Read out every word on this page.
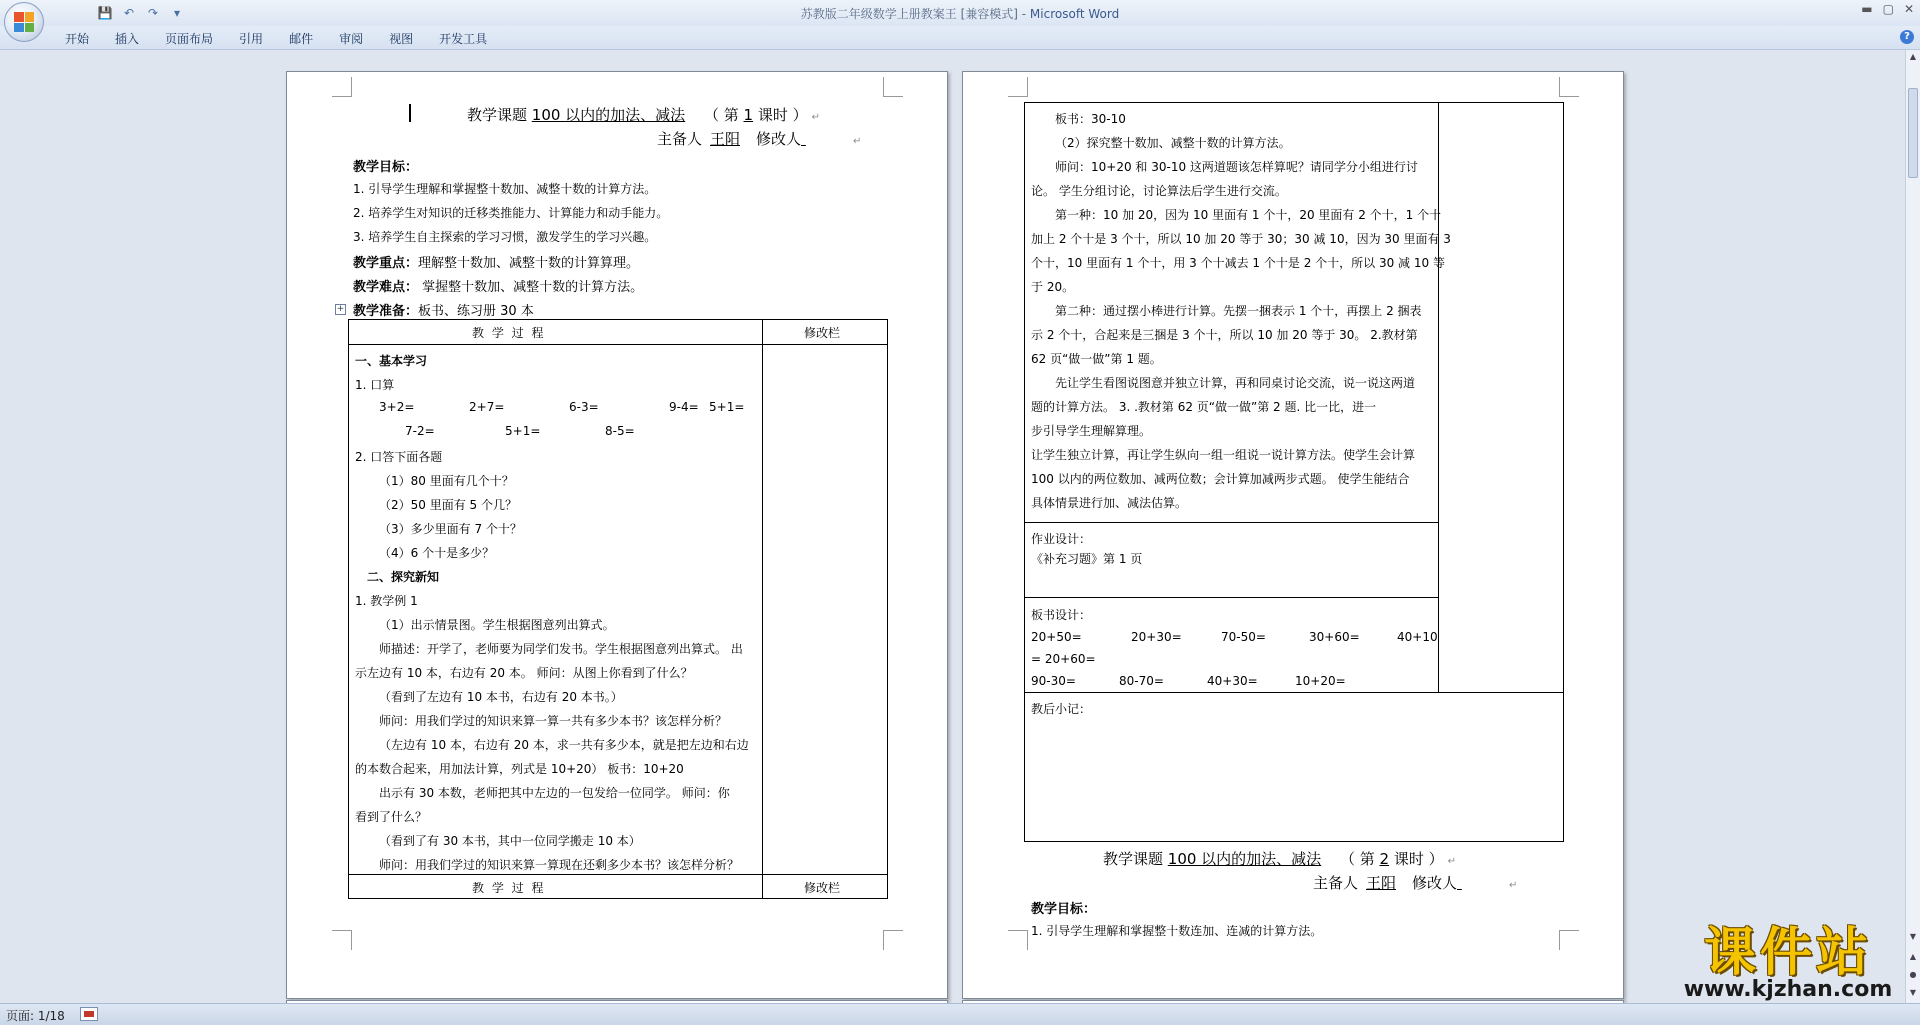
💾 ↶	↷	▾	苏教版二年级数学上册教案王 [兼容模式] - Microsoft Word	▬ ▢ ✕
开始	插入	页面布局	引用	邮件	审阅	视图	开发工具	?
教学课题 100 以内的加法、减法 （ 第 1 课时 ） ↵
主备人 王阳 修改人	↵
教学目标：
1. 引导学生理解和掌握整十数加、减整十数的计算方法。
2. 培养学生对知识的迁移类推能力、计算能力和动手能力。
3. 培养学生自主探索的学习习惯，激发学生的学习兴趣。
教学重点：理解整十数加、减整十数的计算算理。
教学难点： 掌握整十数加、减整十数的计算方法。
教学准备：板书、练习册 30 本
+
教 学 过 程	修改栏
教 学 过 程	修改栏
一、基本学习
1. 口算
3+2=	2+7=	6-3=	9-4= 5+1=
7-2=	5+1=	8-5=
2. 口答下面各题
（1）80 里面有几个十？
（2）50 里面有 5 个几？
（3）多少里面有 7 个十？
（4）6 个十是多少？
二、探究新知
1. 教学例 1
（1）出示情景图。学生根据图意列出算式。
师描述：开学了，老师要为同学们发书。学生根据图意列出算式。 出
示左边有 10 本，右边有 20 本。 师问：从图上你看到了什么？
（看到了左边有 10 本书，右边有 20 本书。）
师问：用我们学过的知识来算一算一共有多少本书？该怎样分析？
（左边有 10 本，右边有 20 本，求一共有多少本，就是把左边和右边
的本数合起来，用加法计算，列式是 10+20） 板书：10+20
出示有 30 本数，老师把其中左边的一包发给一位同学。 师问：你
看到了什么？
（看到了有 30 本书，其中一位同学搬走 10 本）
师问：用我们学过的知识来算一算现在还剩多少本书？该怎样分析？
板书：30-10
（2）探究整十数加、减整十数的计算方法。
师问：10+20 和 30-10 这两道题该怎样算呢？请同学分小组进行讨
论。 学生分组讨论，讨论算法后学生进行交流。
第一种：10 加 20，因为 10 里面有 1 个十，20 里面有 2 个十，1 个十
加上 2 个十是 3 个十，所以 10 加 20 等于 30；30 减 10，因为 30 里面有 3
个十，10 里面有 1 个十，用 3 个十减去 1 个十是 2 个十，所以 30 减 10 等
于 20。
第二种：通过摆小棒进行计算。先摆一捆表示 1 个十，再摆上 2 捆表
示 2 个十，合起来是三捆是 3 个十，所以 10 加 20 等于 30。 2.教材第
62 页“做一做”第 1 题。
先让学生看图说图意并独立计算，再和同桌讨论交流，说一说这两道
题的计算方法。 3. .教材第 62 页“做一做”第 2 题. 比一比，进一
步引导学生理解算理。
让学生独立计算，再让学生纵向一组一组说一说计算方法。使学生会计算
100 以内的两位数加、减两位数；会计算加减两步式题。 使学生能结合
具体情景进行加、减法估算。
作业设计：
《补充习题》第 1 页
板书设计：
20+50=	20+30=	70-50=	30+60=	40+10
= 20+60=
90-30=	80-70=	40+30=	10+20=
教后小记：
教学课题 100 以内的加法、减法 （ 第 2 课时 ） ↵
主备人 王阳 修改人	↵
教学目标：
1. 引导学生理解和掌握整十数连加、连减的计算方法。
▲
▼
▲
●
▼
课件站
www.kjzhan.com
页面: 1/18
